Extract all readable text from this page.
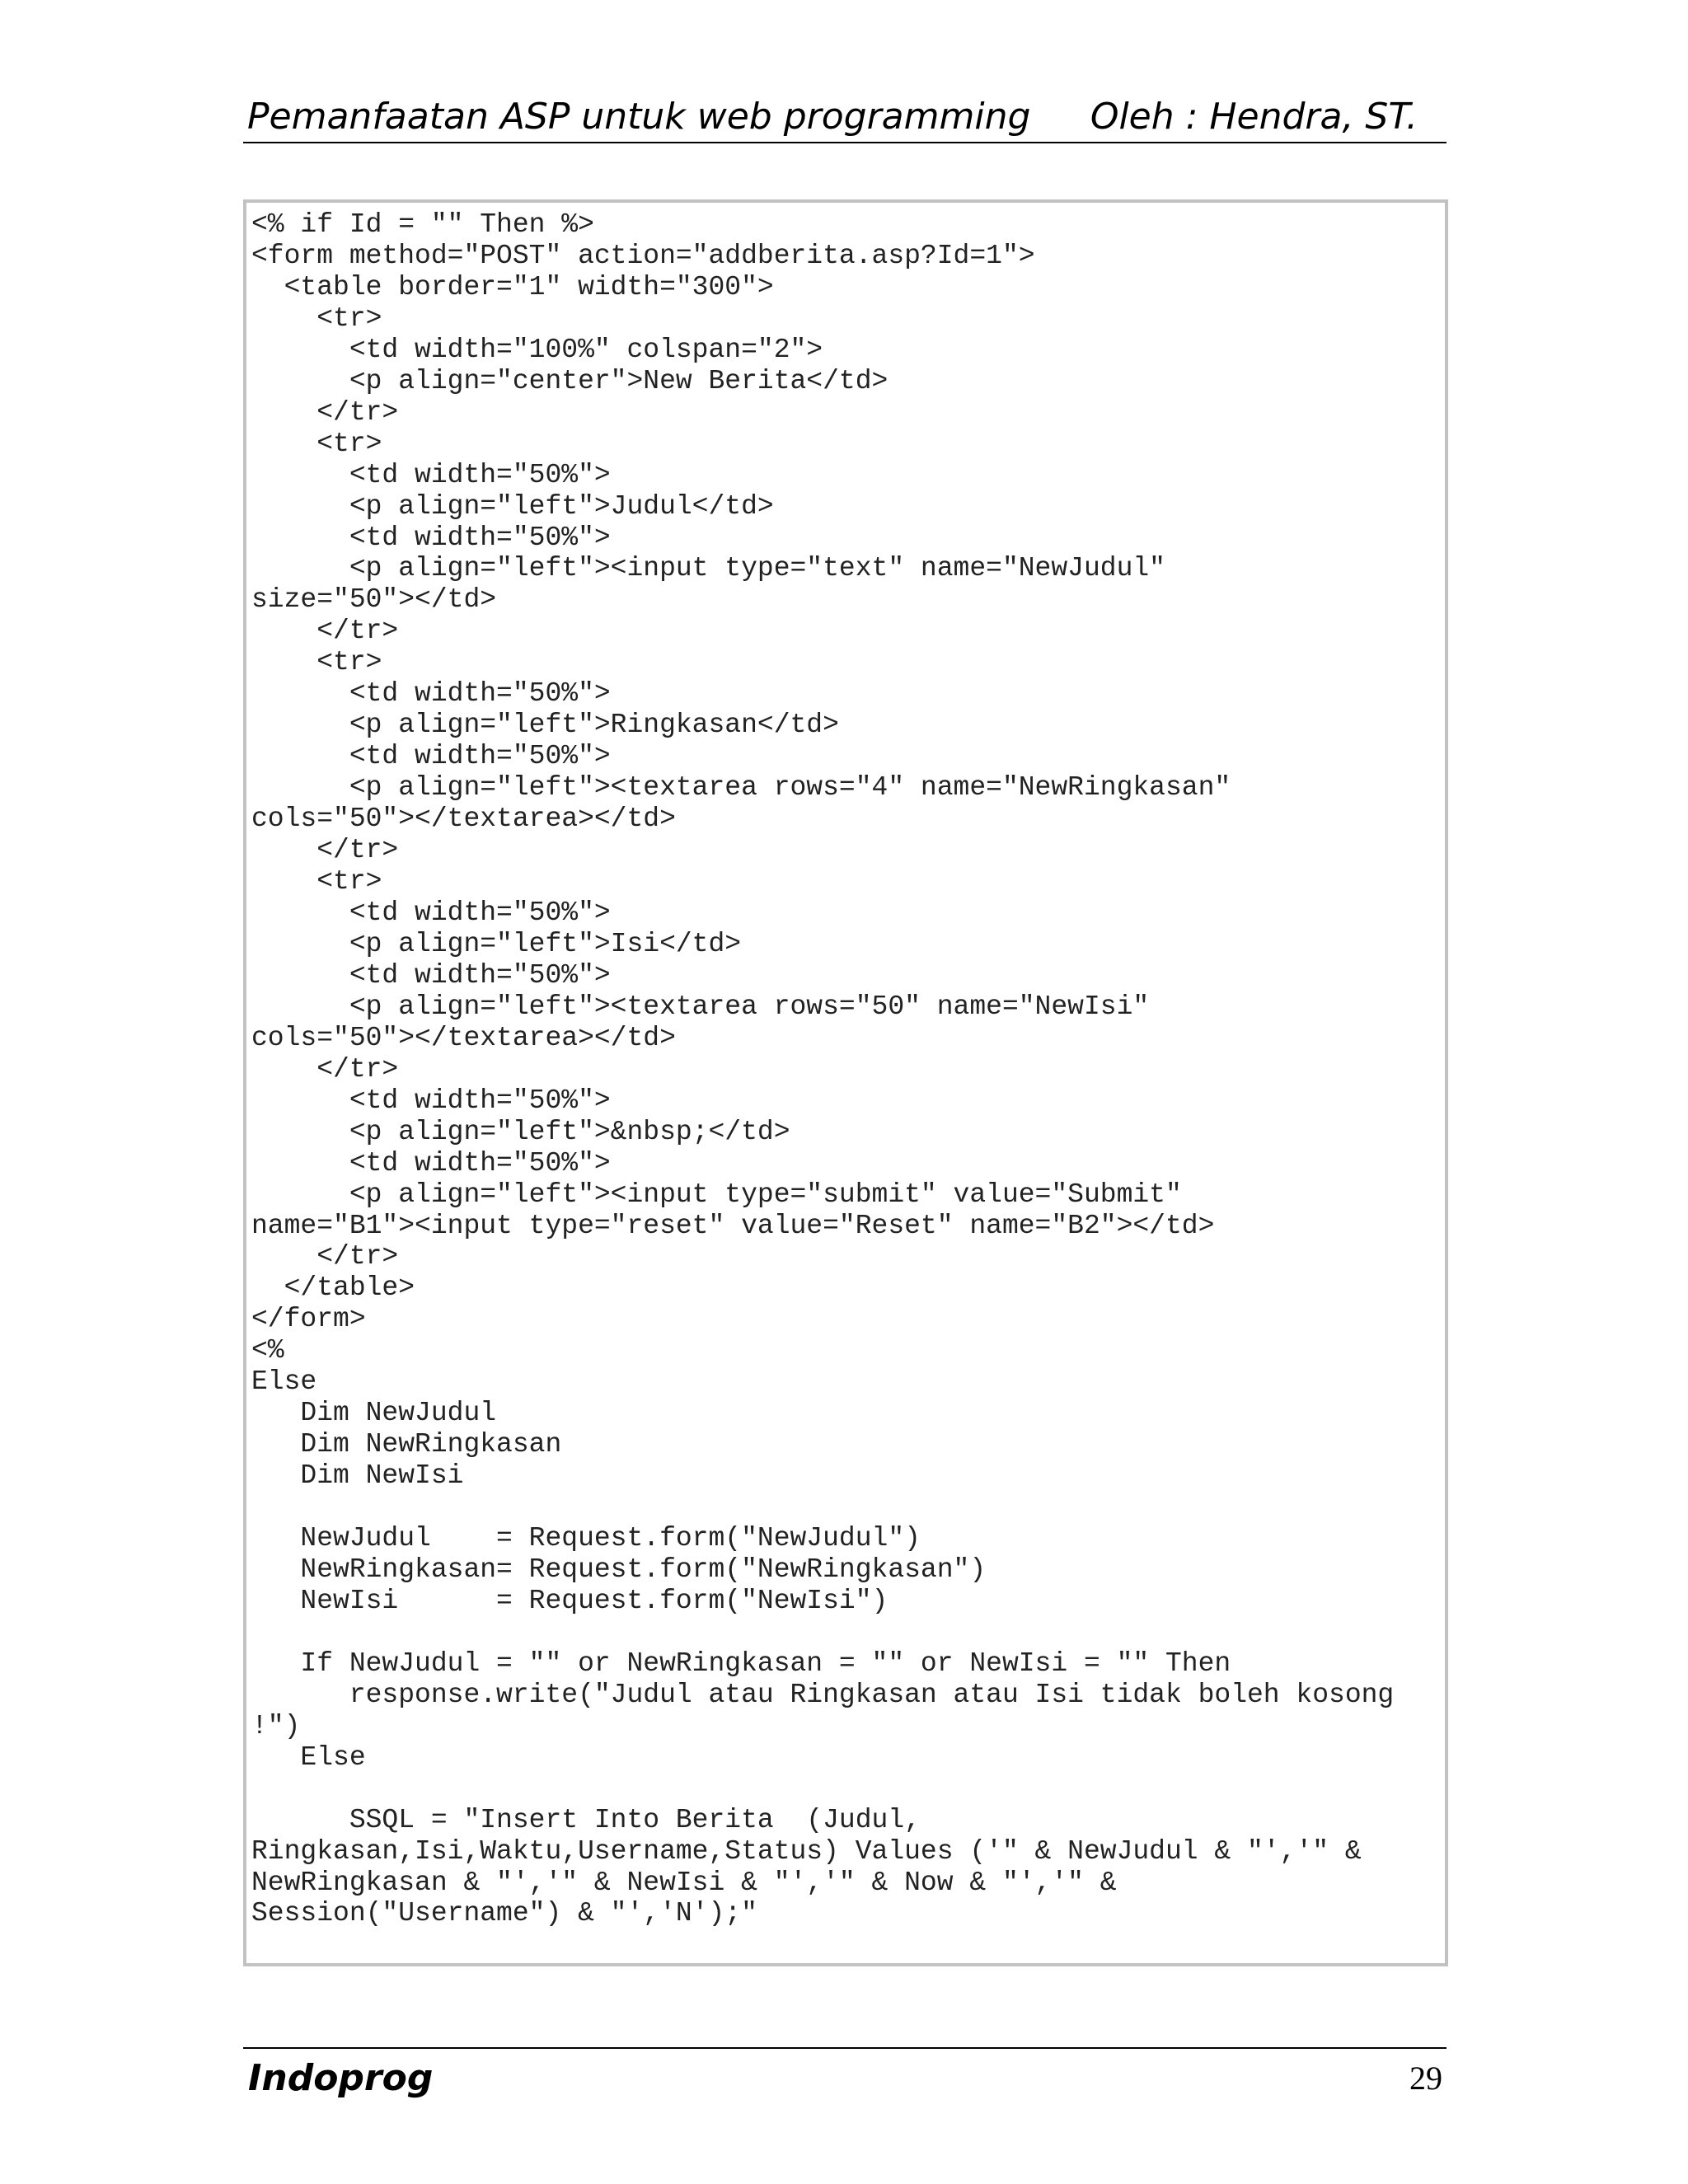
Pemanfaatan ASP untuk web programming Oleh : Hendra, ST.
<% if Id = "" Then %>
<form method="POST" action="addberita.asp?Id=1">
<table border="1" width="300">
<tr>
<td width="100%" colspan="2">
<p align="center">New Berita</td>
</tr>
<tr>
<td width="50%">
<p align="left">Judul</td>
<td width="50%">
<p align="left"><input type="text" name="NewJudul"
size="50"></td>
</tr>
<tr>
<td width="50%">
<p align="left">Ringkasan</td>
<td width="50%">
<p align="left"><textarea rows="4" name="NewRingkasan"
cols="50"></textarea></td>
</tr>
<tr>
<td width="50%">
<p align="left">Isi</td>
<td width="50%">
<p align="left"><textarea rows="50" name="NewIsi"
cols="50"></textarea></td>
</tr>
<td width="50%">
<p align="left">&nbsp;</td>
<td width="50%">
<p align="left"><input type="submit" value="Submit"
name="B1"><input type="reset" value="Reset" name="B2"></td>
</tr>
</table>
</form>
<%
Else
Dim NewJudul
Dim NewRingkasan
Dim NewIsi

NewJudul    = Request.form("NewJudul")
NewRingkasan= Request.form("NewRingkasan")
NewIsi      = Request.form("NewIsi")

If NewJudul = "" or NewRingkasan = "" or NewIsi = "" Then
response.write("Judul atau Ringkasan atau Isi tidak boleh kosong
!")
Else

SSQL = "Insert Into Berita  (Judul,
Ringkasan,Isi,Waktu,Username,Status) Values ('" & NewJudul & "','" &
NewRingkasan & "','" & NewIsi & "','" & Now & "','" &
Session("Username") & "','N');"
Indoprog	29
